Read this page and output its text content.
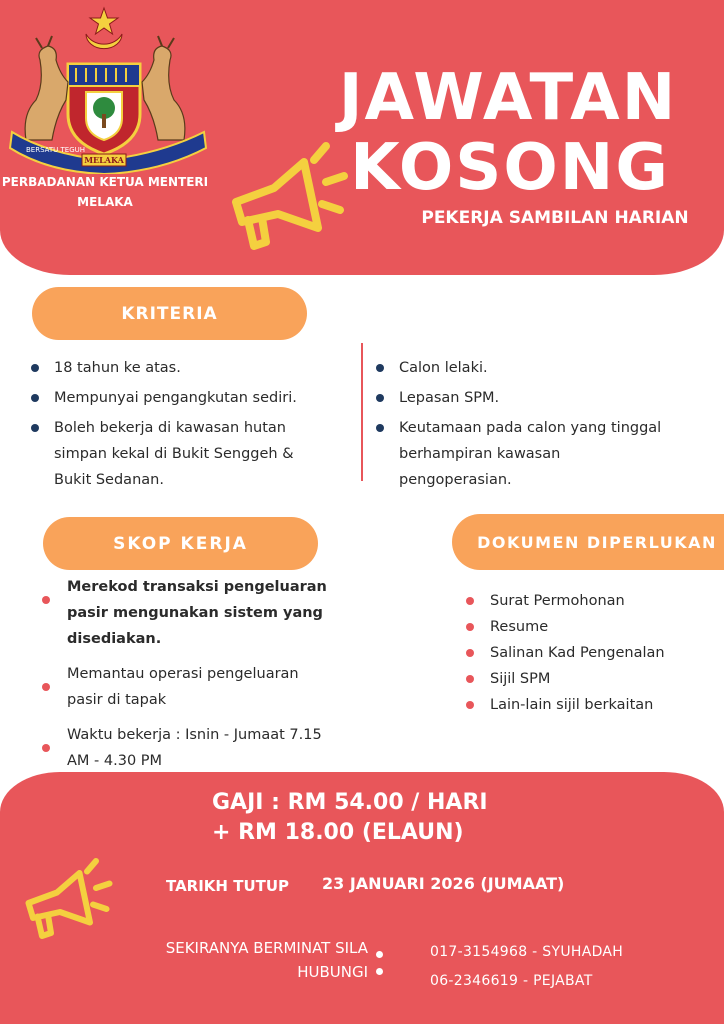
BERSATU TEGUH
MELAKA
PERBADANAN KETUA MENTERI
MELAKA
JAWATAN
KOSONG
PEKERJA SAMBILAN HARIAN
KRITERIA
18 tahun ke atas.
Mempunyai pengangkutan sediri.
Boleh bekerja di kawasan hutan simpan kekal di Bukit Senggeh & Bukit Sedanan.
Calon lelaki.
Lepasan SPM.
Keutamaan pada calon yang tinggal berhampiran kawasan pengoperasian.
SKOP KERJA
Merekod transaksi pengeluaran pasir mengunakan sistem yang disediakan.
Memantau operasi pengeluaran pasir di tapak
Waktu bekerja : Isnin - Jumaat 7.15 AM - 4.30 PM
DOKUMEN DIPERLUKAN
Surat Permohonan
Resume
Salinan Kad Pengenalan
Sijil SPM
Lain-lain sijil berkaitan
GAJI : RM 54.00 / HARI
+ RM 18.00 (ELAUN)
TARIKH TUTUP	23 JANUARI 2026 (JUMAAT)
SEKIRANYA BERMINAT SILA
HUBUNGI
017-3154968 - SYUHADAH
06-2346619 - PEJABAT
